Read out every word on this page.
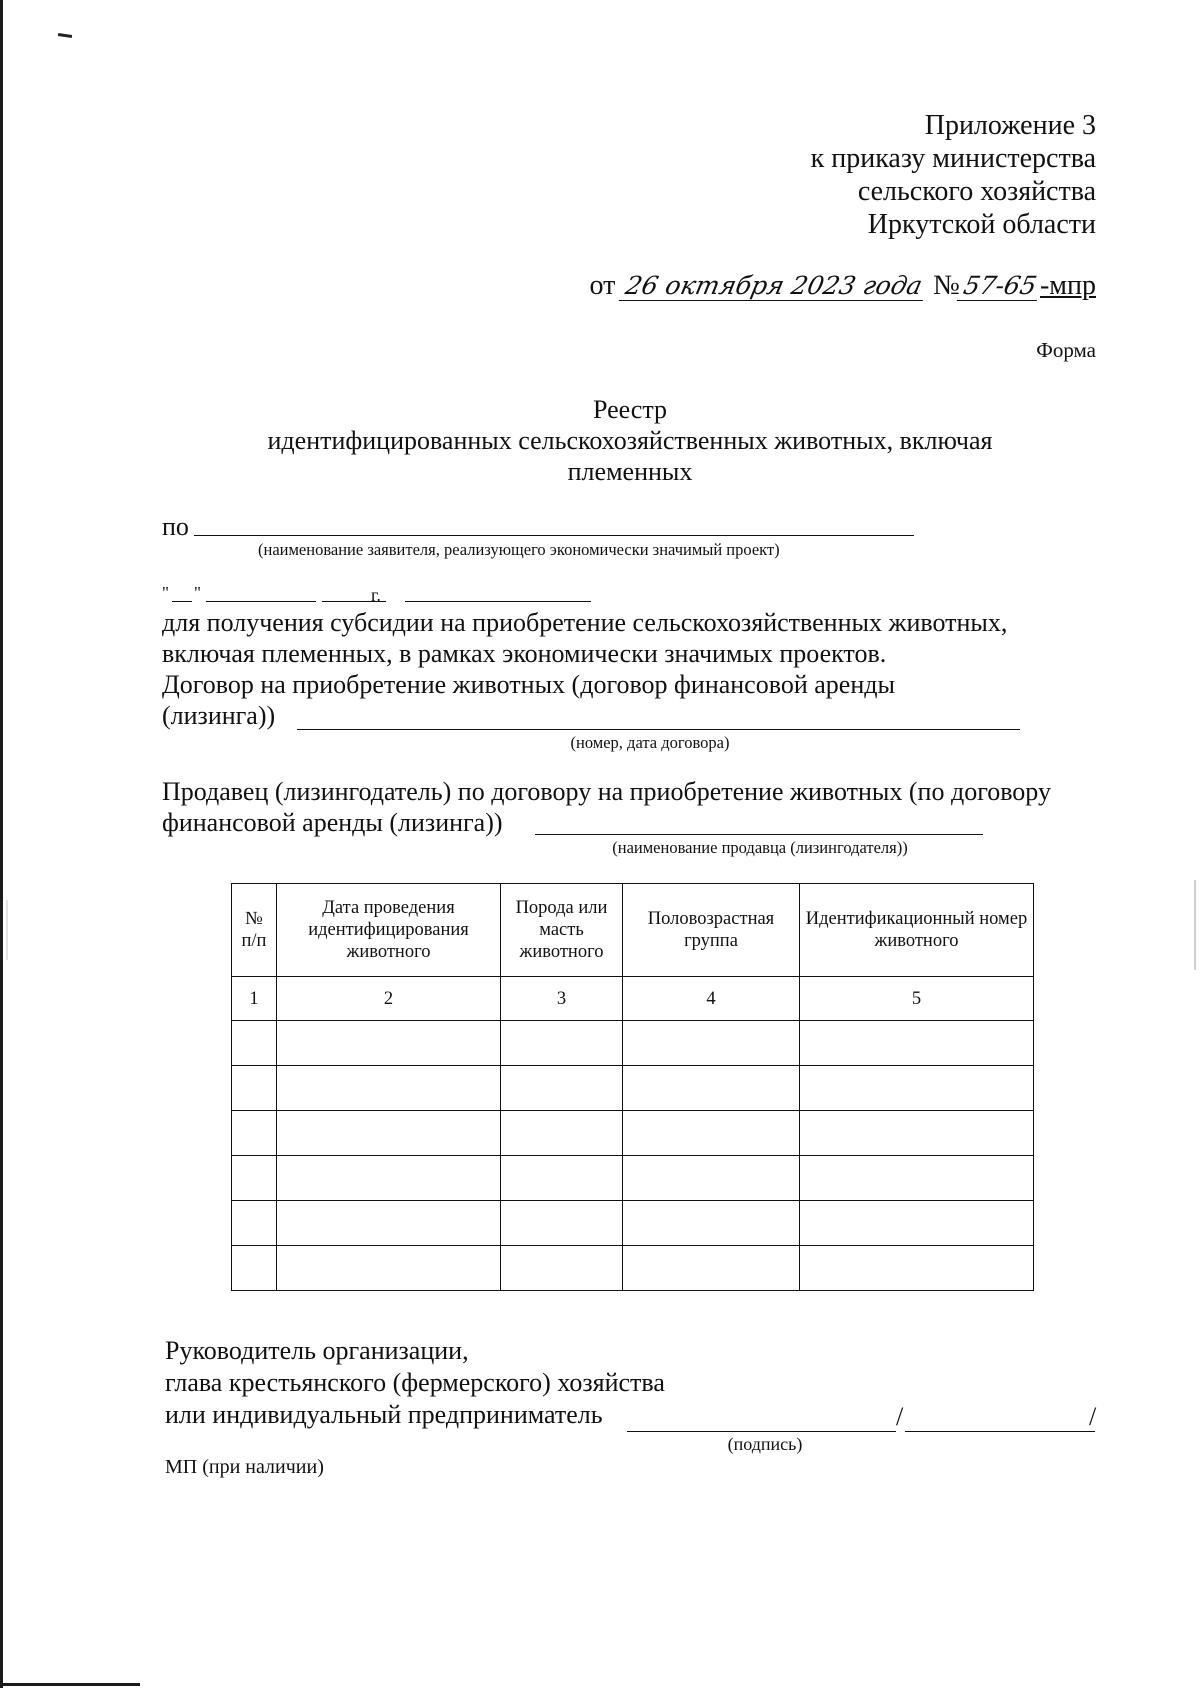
Приложение 3
к приказу министерства
сельского хозяйства
Иркутской области
от 26 октября 2023 года №57-65-мпр
Форма
Реестр
идентифицированных сельскохозяйственных животных, включая
племенных
по
(наименование заявителя, реализующего экономически значимый проект)
" "	г.
для получения субсидии на приобретение сельскохозяйственных животных,
включая племенных, в рамках экономически значимых проектов.
Договор на приобретение животных (договор финансовой аренды
(лизинга))
(номер, дата договора)
Продавец (лизингодатель) по договору на приобретение животных (по договору
финансовой аренды (лизинга))
(наименование продавца (лизингодателя))
№ п/п	Дата проведения идентифицирования животного	Порода или масть животного	Половозрастная группа	Идентификационный номер животного
1	2	3	4	5

Руководитель организации,
глава крестьянского (фермерского) хозяйства
или индивидуальный предприниматель	/	/
(подпись)
МП (при наличии)
